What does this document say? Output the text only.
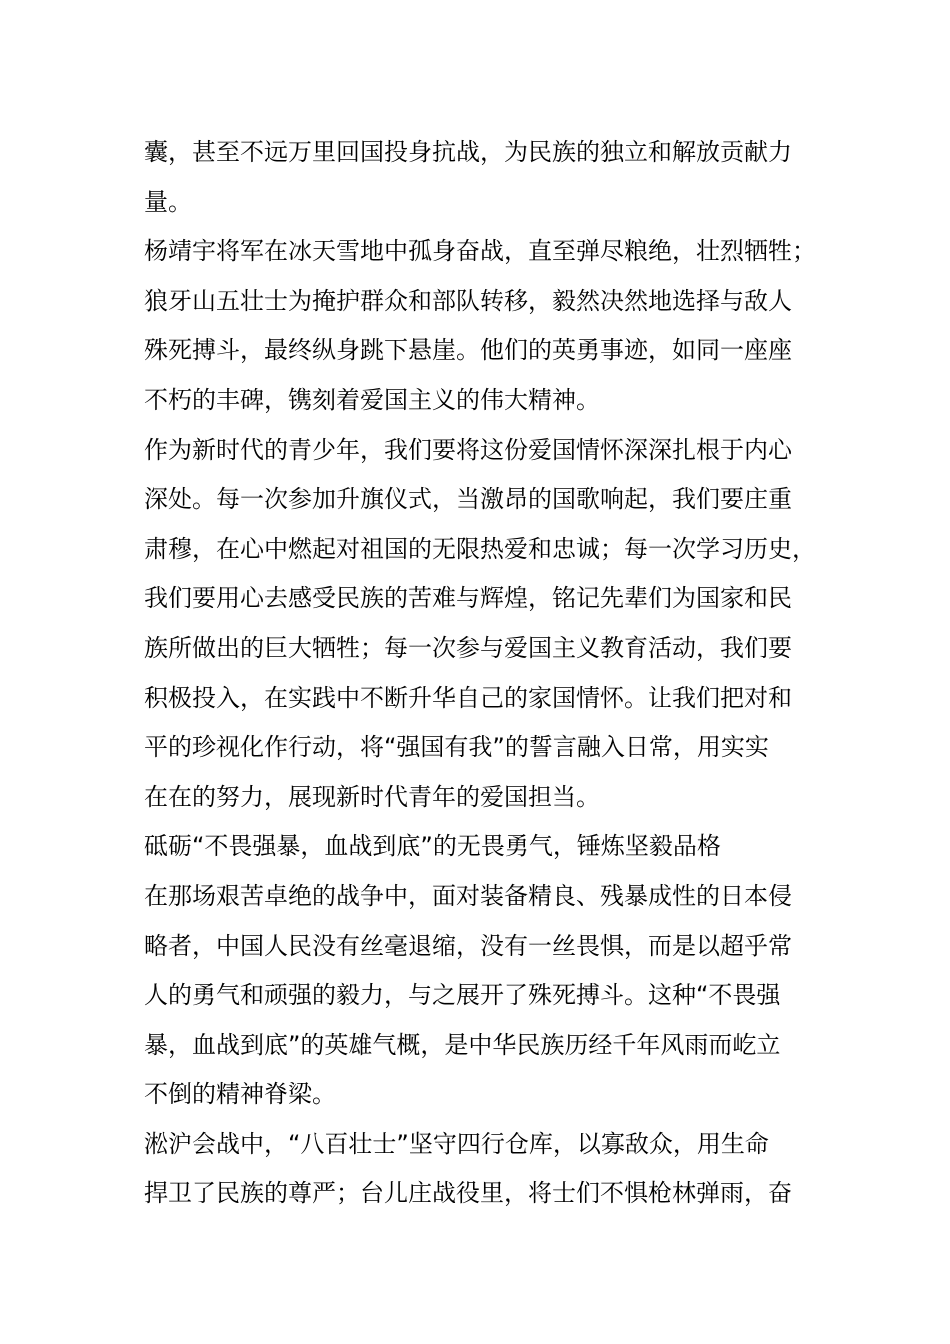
囊，甚至不远万里回国投身抗战，为民族的独立和解放贡献力
量。
杨靖宇将军在冰天雪地中孤身奋战，直至弹尽粮绝，壮烈牺牲；
狼牙山五壮士为掩护群众和部队转移，毅然决然地选择与敌人
殊死搏斗，最终纵身跳下悬崖。他们的英勇事迹，如同一座座
不朽的丰碑，镌刻着爱国主义的伟大精神。
作为新时代的青少年，我们要将这份爱国情怀深深扎根于内心
深处。每一次参加升旗仪式，当激昂的国歌响起，我们要庄重
肃穆，在心中燃起对祖国的无限热爱和忠诚；每一次学习历史，
我们要用心去感受民族的苦难与辉煌，铭记先辈们为国家和民
族所做出的巨大牺牲；每一次参与爱国主义教育活动，我们要
积极投入，在实践中不断升华自己的家国情怀。让我们把对和
平的珍视化作行动，将“强国有我”的誓言融入日常，用实实
在在的努力，展现新时代青年的爱国担当。
砥砺“不畏强暴，血战到底”的无畏勇气，锤炼坚毅品格
在那场艰苦卓绝的战争中，面对装备精良、残暴成性的日本侵
略者，中国人民没有丝毫退缩，没有一丝畏惧，而是以超乎常
人的勇气和顽强的毅力，与之展开了殊死搏斗。这种“不畏强
暴，血战到底”的英雄气概，是中华民族历经千年风雨而屹立
不倒的精神脊梁。
淞沪会战中，“八百壮士”坚守四行仓库，以寡敌众，用生命
捍卫了民族的尊严；台儿庄战役里，将士们不惧枪林弹雨，奋
